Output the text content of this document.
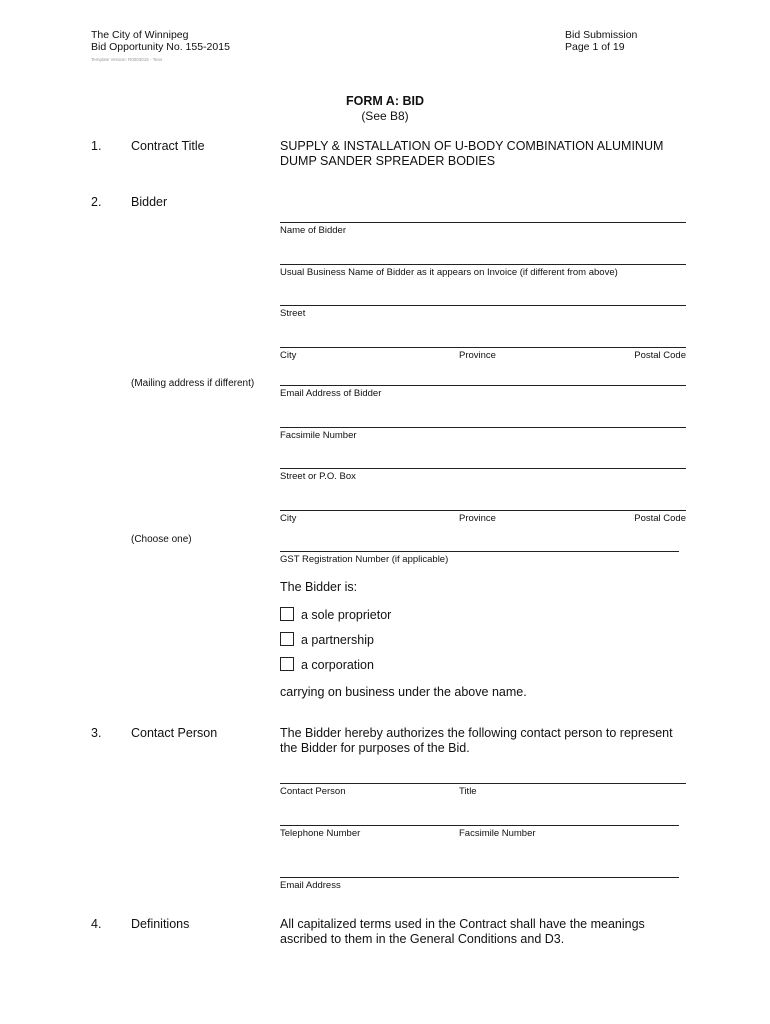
The City of Winnipeg
Bid Opportunity No. 155-2015
Template Version: R0003015 - Tens
Bid Submission
Page 1 of 19
FORM A: BID
(See B8)
1. Contract Title	SUPPLY & INSTALLATION OF U-BODY COMBINATION ALUMINUM
DUMP SANDER SPREADER BODIES
2. Bidder
Name of Bidder
Usual Business Name of Bidder as it appears on Invoice (if different from above)
Street
City	Province	Postal Code
(Mailing address if different)
Email Address of Bidder
Facsimile Number
Street or P.O. Box
City	Province	Postal Code
(Choose one)
GST Registration Number (if applicable)
The Bidder is:
a sole proprietor
a partnership
a corporation
carrying on business under the above name.
3. Contact Person	The Bidder hereby authorizes the following contact person to represent
the Bidder for purposes of the Bid.
Contact Person	Title
Telephone Number	Facsimile Number
Email Address
4. Definitions	All capitalized terms used in the Contract shall have the meanings
ascribed to them in the General Conditions and D3.
